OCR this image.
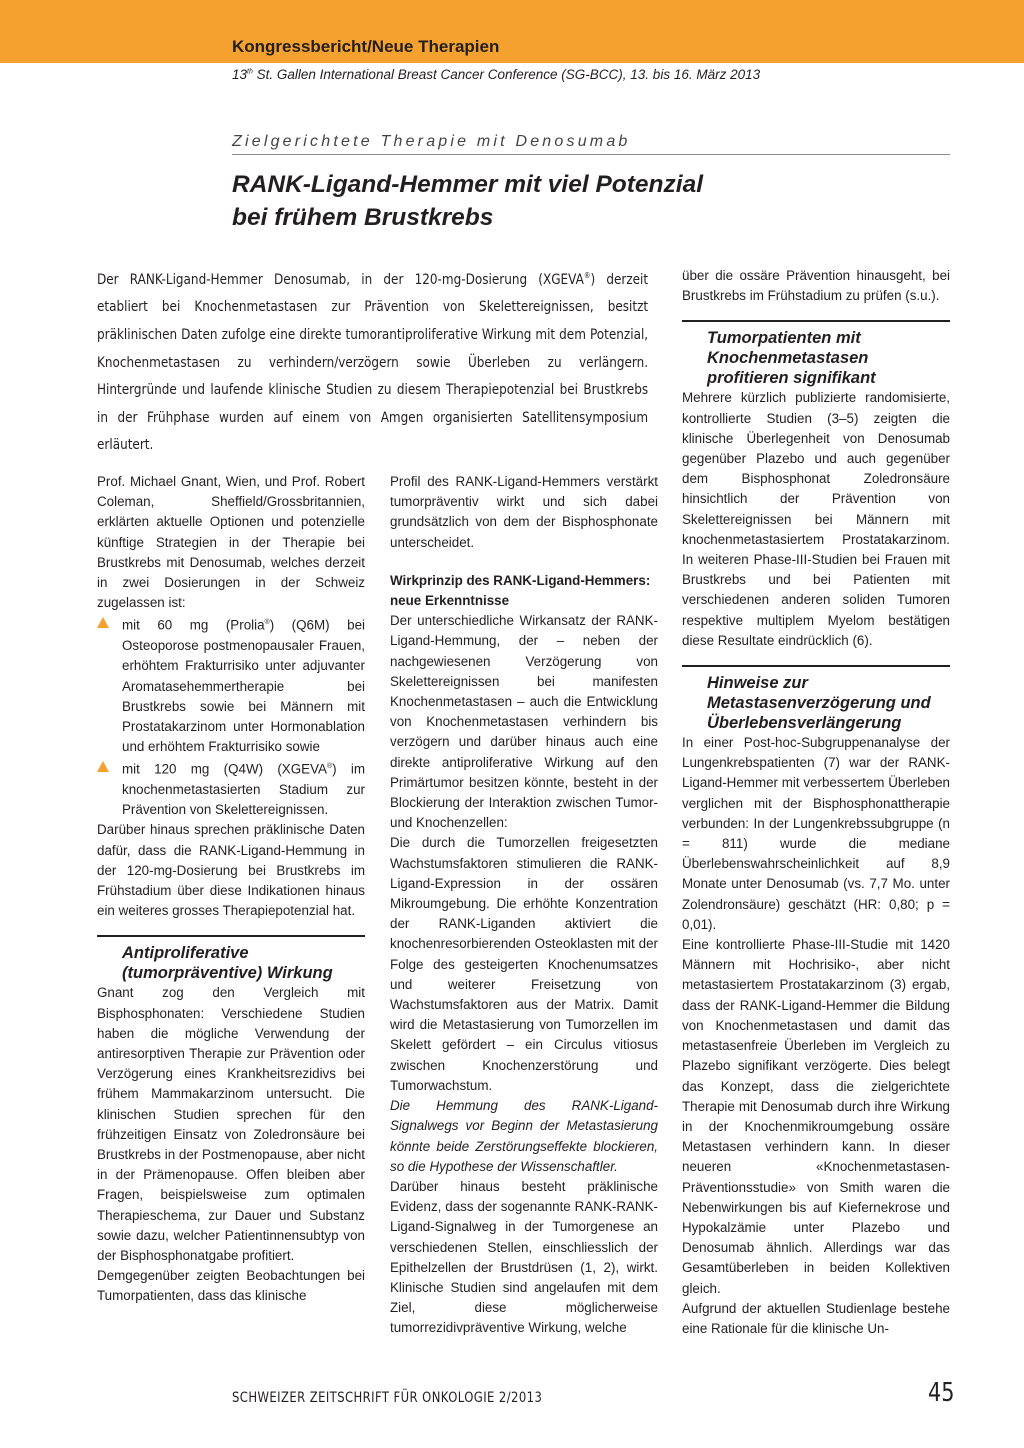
Kongressbericht/Neue Therapien
13th St. Gallen International Breast Cancer Conference (SG-BCC), 13. bis 16. März 2013
Zielgerichtete Therapie mit Denosumab
RANK-Ligand-Hemmer mit viel Potenzial
bei frühem Brustkrebs
Der RANK-Ligand-Hemmer Denosumab, in der 120-mg-Dosierung (XGEVA®) derzeit etabliert bei Knochenmetastasen zur Prävention von Skelettereignissen, besitzt präklinischen Daten zufolge eine direkte tumorantiproliferative Wirkung mit dem Potenzial, Knochenmetastasen zu verhindern/verzögern sowie Überleben zu verlängern. Hintergründe und laufende klinische Studien zu diesem Therapiepotenzial bei Brustkrebs in der Frühphase wurden auf einem von Amgen organisierten Satellitensymposium erläutert.

Prof. Michael Gnant, Wien, und Prof. Robert Coleman, Sheffield/Grossbritannien, erklärten aktuelle Optionen und potenzielle künftige Strategien in der Therapie bei Brustkrebs mit Denosumab, welches derzeit in zwei Dosierungen in der Schweiz zugelassen ist:

mit 60 mg (Prolia®) (Q6M) bei Osteoporose postmenopausaler Frauen, erhöhtem Frakturrisiko unter adjuvanter Aromatasehemmertherapie bei Brustkrebs sowie bei Männern mit Prostatakarzinom unter Hormonablation und erhöhtem Frakturrisiko sowie

mit 120 mg (Q4W) (XGEVA®) im knochenmetastasierten Stadium zur Prävention von Skelettereignissen.

Darüber hinaus sprechen präklinische Daten dafür, dass die RANK-Ligand-Hemmung in der 120-mg-Dosierung bei Brustkrebs im Frühstadium über diese Indikationen hinaus ein weiteres grosses Therapiepotenzial hat.

Antiproliferative (tumorpräventive) Wirkung

Gnant zog den Vergleich mit Bisphosphonaten: Verschiedene Studien haben die mögliche Verwendung der antiresorptiven Therapie zur Prävention oder Verzögerung eines Krankheitsrezidivs bei frühem Mammakarzinom untersucht. Die klinischen Studien sprechen für den frühzeitigen Einsatz von Zoledronsäure bei Brustkrebs in der Postmenopause, aber nicht in der Prämenopause. Offen bleiben aber Fragen, beispielsweise zum optimalen Therapieschema, zur Dauer und Substanz sowie dazu, welcher Patientinnensubtyp von der Bisphosphonatgabe profitiert.

Demgegenüber zeigten Beobachtungen bei Tumorpatienten, dass das klinische

Profil des RANK-Ligand-Hemmers verstärkt tumorpräventiv wirkt und sich dabei grundsätzlich von dem der Bisphosphonate unterscheidet.

Wirkprinzip des RANK-Ligand-Hemmers: neue Erkenntnisse

Der unterschiedliche Wirkansatz der RANK-Ligand-Hemmung, der – neben der nachgewiesenen Verzögerung von Skelettereignissen bei manifesten Knochenmetastasen – auch die Entwicklung von Knochenmetastasen verhindern bis verzögern und darüber hinaus auch eine direkte antiproliferative Wirkung auf den Primärtumor besitzen könnte, besteht in der Blockierung der Interaktion zwischen Tumor- und Knochenzellen:

Die durch die Tumorzellen freigesetzten Wachstumsfaktoren stimulieren die RANK-Ligand-Expression in der ossären Mikroumgebung. Die erhöhte Konzentration der RANK-Liganden aktiviert die knochenresorbierenden Osteoklasten mit der Folge des gesteigerten Knochenumsatzes und weiterer Freisetzung von Wachstumsfaktoren aus der Matrix. Damit wird die Metastasierung von Tumorzellen im Skelett gefördert – ein Circulus vitiosus zwischen Knochenzerstörung und Tumorwachstum.

Die Hemmung des RANK-Ligand-Signalwegs vor Beginn der Metastasierung könnte beide Zerstörungseffekte blockieren, so die Hypothese der Wissenschaftler.

Darüber hinaus besteht präklinische Evidenz, dass der sogenannte RANK-RANK-Ligand-Signalweg in der Tumorgenese an verschiedenen Stellen, einschliesslich der Epithelzellen der Brustdrüsen (1, 2), wirkt. Klinische Studien sind angelaufen mit dem Ziel, diese möglicherweise tumorrezidivpräventive Wirkung, welche

über die ossäre Prävention hinausgeht, bei Brustkrebs im Frühstadium zu prüfen (s.u.).

Tumorpatienten mit Knochenmetastasen profitieren signifikant

Mehrere kürzlich publizierte randomisierte, kontrollierte Studien (3–5) zeigten die klinische Überlegenheit von Denosumab gegenüber Plazebo und auch gegenüber dem Bisphosphonat Zoledronsäure hinsichtlich der Prävention von Skelettereignissen bei Männern mit knochenmetastasiertem Prostatakarzinom. In weiteren Phase-III-Studien bei Frauen mit Brustkrebs und bei Patienten mit verschiedenen anderen soliden Tumoren respektive multiplem Myelom bestätigen diese Resultate eindrücklich (6).

Hinweise zur Metastasenverzögerung und Überlebensverlängerung

In einer Post-hoc-Subgruppenanalyse der Lungenkrebspatienten (7) war der RANK-Ligand-Hemmer mit verbessertem Überleben verglichen mit der Bisphosphonattherapie verbunden: In der Lungenkrebssubgruppe (n = 811) wurde die mediane Überlebenswahrscheinlichkeit auf 8,9 Monate unter Denosumab (vs. 7,7 Mo. unter Zolendronsäure) geschätzt (HR: 0,80; p = 0,01).

Eine kontrollierte Phase-III-Studie mit 1420 Männern mit Hochrisiko-, aber nicht metastasiertem Prostatakarzinom (3) ergab, dass der RANK-Ligand-Hemmer die Bildung von Knochenmetastasen und damit das metastasenfreie Überleben im Vergleich zu Plazebo signifikant verzögerte. Dies belegt das Konzept, dass die zielgerichtete Therapie mit Denosumab durch ihre Wirkung in der Knochenmikroumgebung ossäre Metastasen verhindern kann. In dieser neueren «Knochenmetastasen-Präventionsstudie» von Smith waren die Nebenwirkungen bis auf Kiefernekrose und Hypokalzämie unter Plazebo und Denosumab ähnlich. Allerdings war das Gesamtüberleben in beiden Kollektiven gleich.

Aufgrund der aktuellen Studienlage bestehe eine Rationale für die klinische Un-

SCHWEIZER ZEITSCHRIFT FÜR ONKOLOGIE 2/2013	45
